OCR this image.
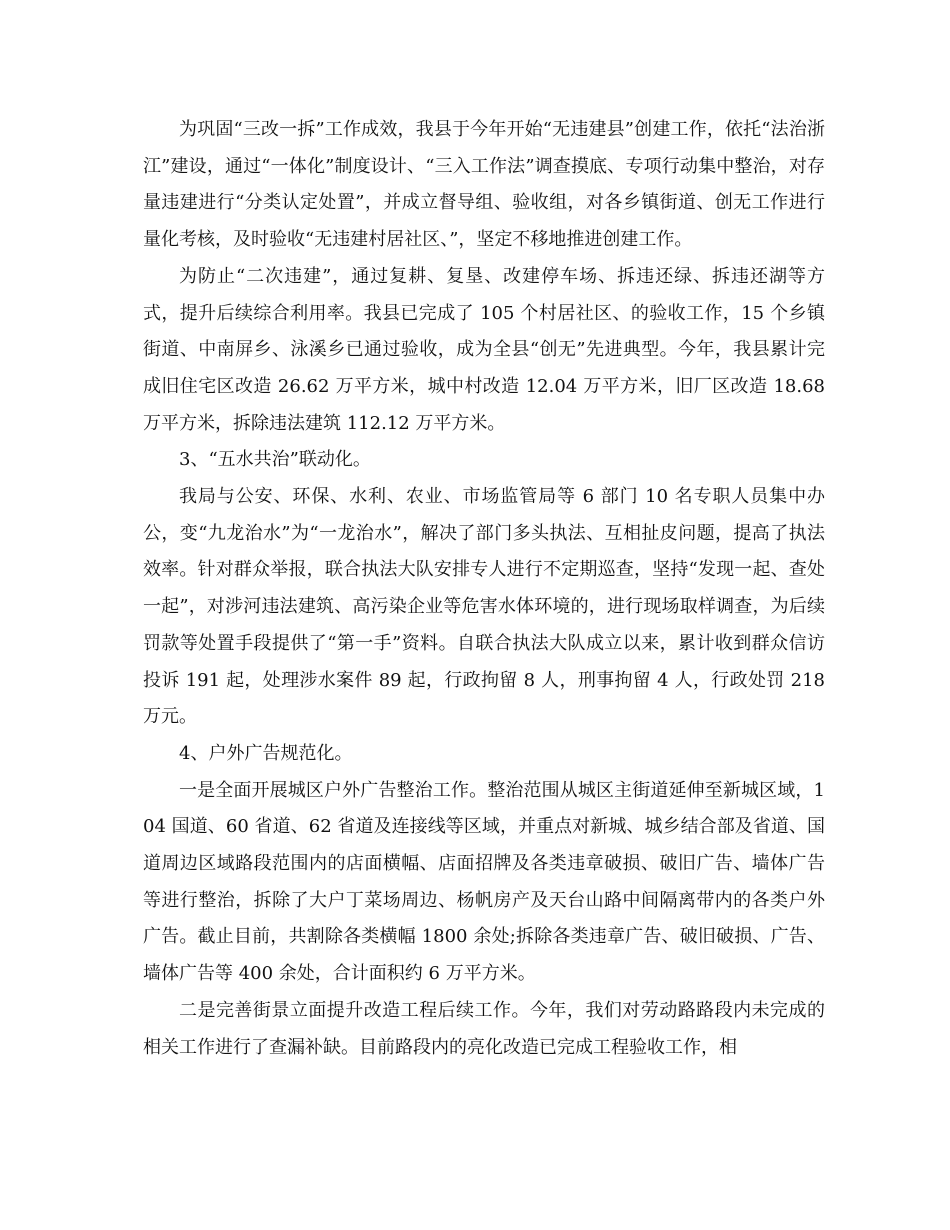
为巩固“三改一拆”工作成效，我县于今年开始“无违建县”创建工作，依托“法治浙江”建设，通过“一体化”制度设计、“三入工作法”调查摸底、专项行动集中整治，对存量违建进行“分类认定处置”，并成立督导组、验收组，对各乡镇街道、创无工作进行量化考核，及时验收“无违建村居社区、”，坚定不移地推进创建工作。

为防止“二次违建”，通过复耕、复垦、改建停车场、拆违还绿、拆违还湖等方式，提升后续综合利用率。我县已完成了 105 个村居社区、的验收工作，15 个乡镇街道、中南屏乡、泳溪乡已通过验收，成为全县“创无”先进典型。今年，我县累计完成旧住宅区改造 26.62 万平方米，城中村改造 12.04 万平方米，旧厂区改造 18.68 万平方米，拆除违法建筑 112.12 万平方米。

3、“五水共治”联动化。

我局与公安、环保、水利、农业、市场监管局等 6 部门 10 名专职人员集中办公，变“九龙治水”为“一龙治水”，解决了部门多头执法、互相扯皮问题，提高了执法效率。针对群众举报，联合执法大队安排专人进行不定期巡查，坚持“发现一起、查处一起”，对涉河违法建筑、高污染企业等危害水体环境的，进行现场取样调查，为后续罚款等处置手段提供了“第一手”资料。自联合执法大队成立以来，累计收到群众信访投诉 191 起，处理涉水案件 89 起，行政拘留 8 人，刑事拘留 4 人，行政处罚 218 万元。

4、户外广告规范化。

一是全面开展城区户外广告整治工作。整治范围从城区主街道延伸至新城区域，104 国道、60 省道、62 省道及连接线等区域，并重点对新城、城乡结合部及省道、国道周边区域路段范围内的店面横幅、店面招牌及各类违章破损、破旧广告、墙体广告等进行整治，拆除了大户丁菜场周边、杨帆房产及天台山路中间隔离带内的各类户外广告。截止目前，共割除各类横幅 1800 余处;拆除各类违章广告、破旧破损、广告、墙体广告等 400 余处，合计面积约 6 万平方米。

二是完善街景立面提升改造工程后续工作。今年，我们对劳动路路段内未完成的相关工作进行了查漏补缺。目前路段内的亮化改造已完成工程验收工作，相
